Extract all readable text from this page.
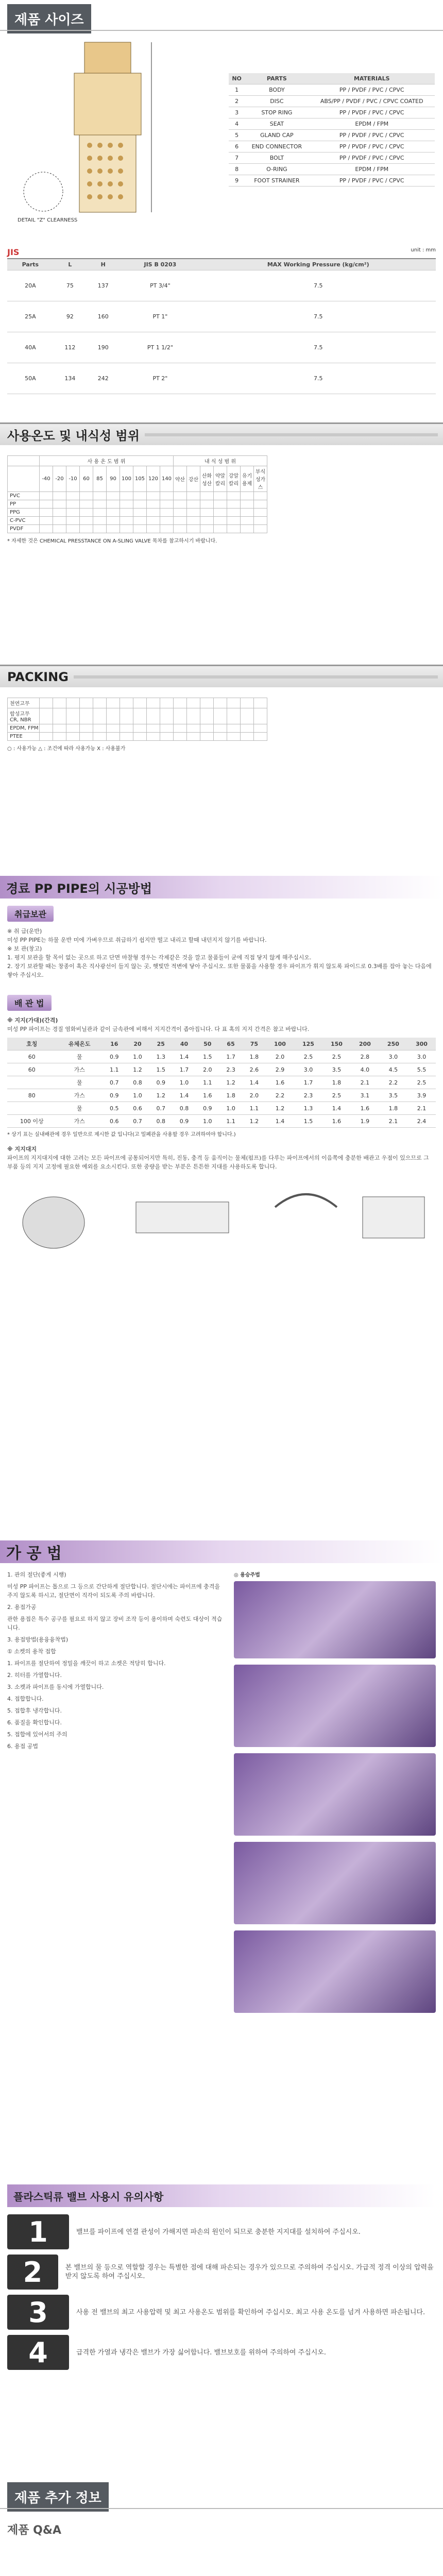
제품 사이즈
DETAIL "Z" CLEARNESS
NO	PARTS	MATERIALS
1	BODY	PP / PVDF / PVC / CPVC
2	DISC	ABS/PP / PVDF / PVC / CPVC COATED
3	STOP RING	PP / PVDF / PVC / CPVC
4	SEAT	EPDM / FPM
5	GLAND CAP	PP / PVDF / PVC / CPVC
6	END CONNECTOR	PP / PVDF / PVC / CPVC
7	BOLT	PP / PVDF / PVC / CPVC
8	O-RING	EPDM / FPM
9	FOOT STRAINER	PP / PVDF / PVC / CPVC
JIS	unit : mm
Parts	L	H	JIS B 0203	MAX Working Pressure (kg/cm²)
20A	75	137	PT 3/4"	7.5
25A	92	160	PT 1"	7.5
40A	112	190	PT 1 1/2"	7.5
50A	134	242	PT 2"	7.5
사용온도 및 내식성 범위
	사 용 온 도 범 위										내 식 성 범 위						
	-40	-20	-10	60	85	90	100	105	120	140	약산	강산	산화성산	약알칼리	강알칼리	유기용제	부식성가스
PVC																	
PP																	
PPG																	
C-PVC																	
PVDF																	
* 자세한 것은 CHEMICAL PRESSTANCE ON A-SLING VALVE 목차를 참고하시기 바랍니다.
PACKING
천연고무																	
합성고무 CR, NBR																	
EPDM, FPM																	
PTEE																	
○ : 사용가능 △ : 조건에 따라 사용가능 X : 사용불가
경료 PP PIPE의 시공방법
취급보관
※ 취 급(운반)
미성 PP PIPE는 하물 운반 미에 가벼우므로 취급하기 쉽지만 떨고 내리고 할때 내던지지 않기를 바랍니다.
※ 보 관(창고)
1. 평지 보관을 할 목이 없는 곳으로 하고 단면 마찰형 경우는 각제같은 것을 깔고 물품들이 균에 직접 닿지 않게 해주십시오.
2. 장기 보관할 때는 창종이 혹은 직사광선이 들지 않는 곳, 햇빛만 적변에 닿아 주십시오. 또한 물품을 사용할 경우 파이프가 휘지 않도록 파이드로 0.3배를 잡아 놓는 다음에 쌓아 주십시오.
배 관 법
※ 지지(가대)(간격)
미성 PP 파이프는 경질 염화비닐관과 같이 금속관에 비해서 지지간격이 좁아집니다. 다 표 혹의 지지 간격은 참고 바랍니다.
호칭	유체온도	16	20	25	40	50	65	75	100	125	150	200	250	300
60	물	0.9	1.0	1.3	1.4	1.5	1.7	1.8	2.0	2.5	2.5	2.8	3.0	3.0
60	가스	1.1	1.2	1.5	1.7	2.0	2.3	2.6	2.9	3.0	3.5	4.0	4.5	5.5
	물	0.7	0.8	0.9	1.0	1.1	1.2	1.4	1.6	1.7	1.8	2.1	2.2	2.5
80	가스	0.9	1.0	1.2	1.4	1.6	1.8	2.0	2.2	2.3	2.5	3.1	3.5	3.9
	물	0.5	0.6	0.7	0.8	0.9	1.0	1.1	1.2	1.3	1.4	1.6	1.8	2.1
100 이상	가스	0.6	0.7	0.8	0.9	1.0	1.1	1.2	1.4	1.5	1.6	1.9	2.1	2.4
* 상기 표는 실내배관에 경우 일반으로 제시한 값 입니다(고 밀폐관을 사용할 경우 고려하여야 합니다.)
※ 지지대지
파이프의 지지대지에 대한 고려는 모든 파이프에 공통되어지만 특히, 진동, 충격 등 움직이는 물체(펌프)를 다루는 파이프에서의 이음쪽에 충분한 배관고 우점이 있으므로 그 부품 등의 지지 고정에 필요한 예외를 요소시킨다. 또한 중량을 받는 부분은 튼튼한 지대를 사용하도록 합니다.
가 공 법
1. 관의 절단(좋게 시행)
미성 PP 파이프는 톱으로 그 등으로 간단하게 절단합니다. 절단시에는 파이프에 충격을 주지 않도록 하시고, 절단면이 직각이 되도록 주의 바랍니다.
2. 용접가공
관한 용접은 특수 공구를 필요로 하지 않고 장비 조작 등이 용이하며 숙련도 대상이 적습니다.
3. 용접방법(용융융착법)
① 소켓의 용착 접합
1. 파이프를 절단하여 정밀을 깨끗이 하고 소켓은 적당히 합니다.
2. 히터를 가열합니다.
3. 소켓과 파이프를 동시에 가열합니다.
4. 접합합니다.
5. 접합후 냉각합니다.
6. 품질을 확인합니다.
5. 접합에 있어서의 주의
6. 용접 공법
◎ 용승주법
플라스틱류 밸브 사용시 유의사항
1	밸브를 파이프에 연결 관성이 가해지면 파손의 원인이 되므로 충분한 지지대를 설치하여 주십시오.
2	본 밸브의 물 등으로 역할할 경우는 특별한 점에 대해 파손되는 경우가 있으므로 주의하여 주십시오. 가급적 정격 이상의 압력을 받지 않도록 하여 주십시오.
3	사용 전 밸브의 최고 사용압력 및 최고 사용온도 범위를 확인하여 주십시오. 최고 사용 온도를 넘겨 사용하면 파손됩니다.
4	급격한 가열과 냉각은 밸브가 가장 싫어합니다. 밸브보호를 위하여 주의하여 주십시오.
제품 추가 정보
제품 Q&A
